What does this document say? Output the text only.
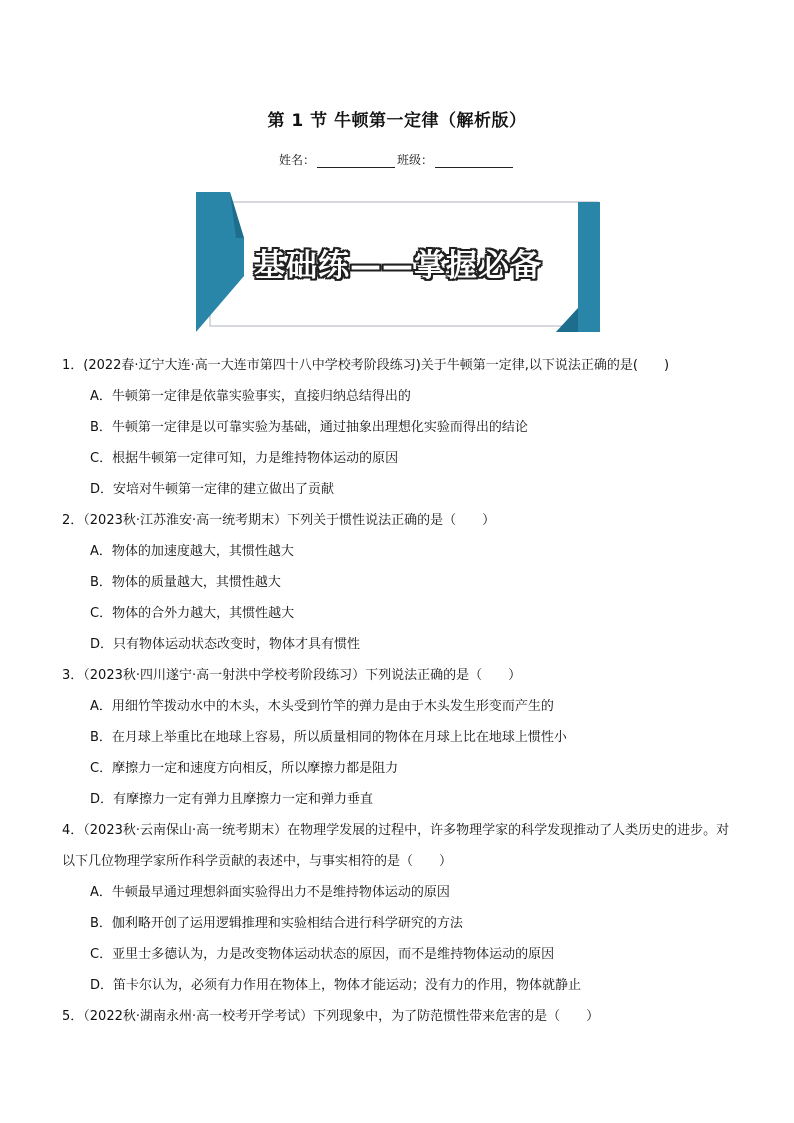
第 1 节 牛顿第一定律（解析版）
姓名：	班级：
基础练——掌握必备

1．(2022春·辽宁大连·高一大连市第四十八中学校考阶段练习)关于牛顿第一定律,以下说法正确的是(　　)

A．牛顿第一定律是依靠实验事实，直接归纳总结得出的

B．牛顿第一定律是以可靠实验为基础，通过抽象出理想化实验而得出的结论

C．根据牛顿第一定律可知，力是维持物体运动的原因

D．安培对牛顿第一定律的建立做出了贡献

2．（2023秋·江苏淮安·高一统考期末）下列关于惯性说法正确的是（　　）

A．物体的加速度越大，其惯性越大

B．物体的质量越大，其惯性越大

C．物体的合外力越大，其惯性越大

D．只有物体运动状态改变时，物体才具有惯性

3．（2023秋·四川遂宁·高一射洪中学校考阶段练习）下列说法正确的是（　　）

A．用细竹竿拨动水中的木头，木头受到竹竿的弹力是由于木头发生形变而产生的

B．在月球上举重比在地球上容易，所以质量相同的物体在月球上比在地球上惯性小

C．摩擦力一定和速度方向相反，所以摩擦力都是阻力

D．有摩擦力一定有弹力且摩擦力一定和弹力垂直

4．（2023秋·云南保山·高一统考期末）在物理学发展的过程中，许多物理学家的科学发现推动了人类历史的进步。对以下几位物理学家所作科学贡献的表述中，与事实相符的是（　　）

A．牛顿最早通过理想斜面实验得出力不是维持物体运动的原因

B．伽利略开创了运用逻辑推理和实验相结合进行科学研究的方法

C．亚里士多德认为，力是改变物体运动状态的原因，而不是维持物体运动的原因

D．笛卡尔认为，必须有力作用在物体上，物体才能运动；没有力的作用，物体就静止

5．（2022秋·湖南永州·高一校考开学考试）下列现象中，为了防范惯性带来危害的是（　　）
